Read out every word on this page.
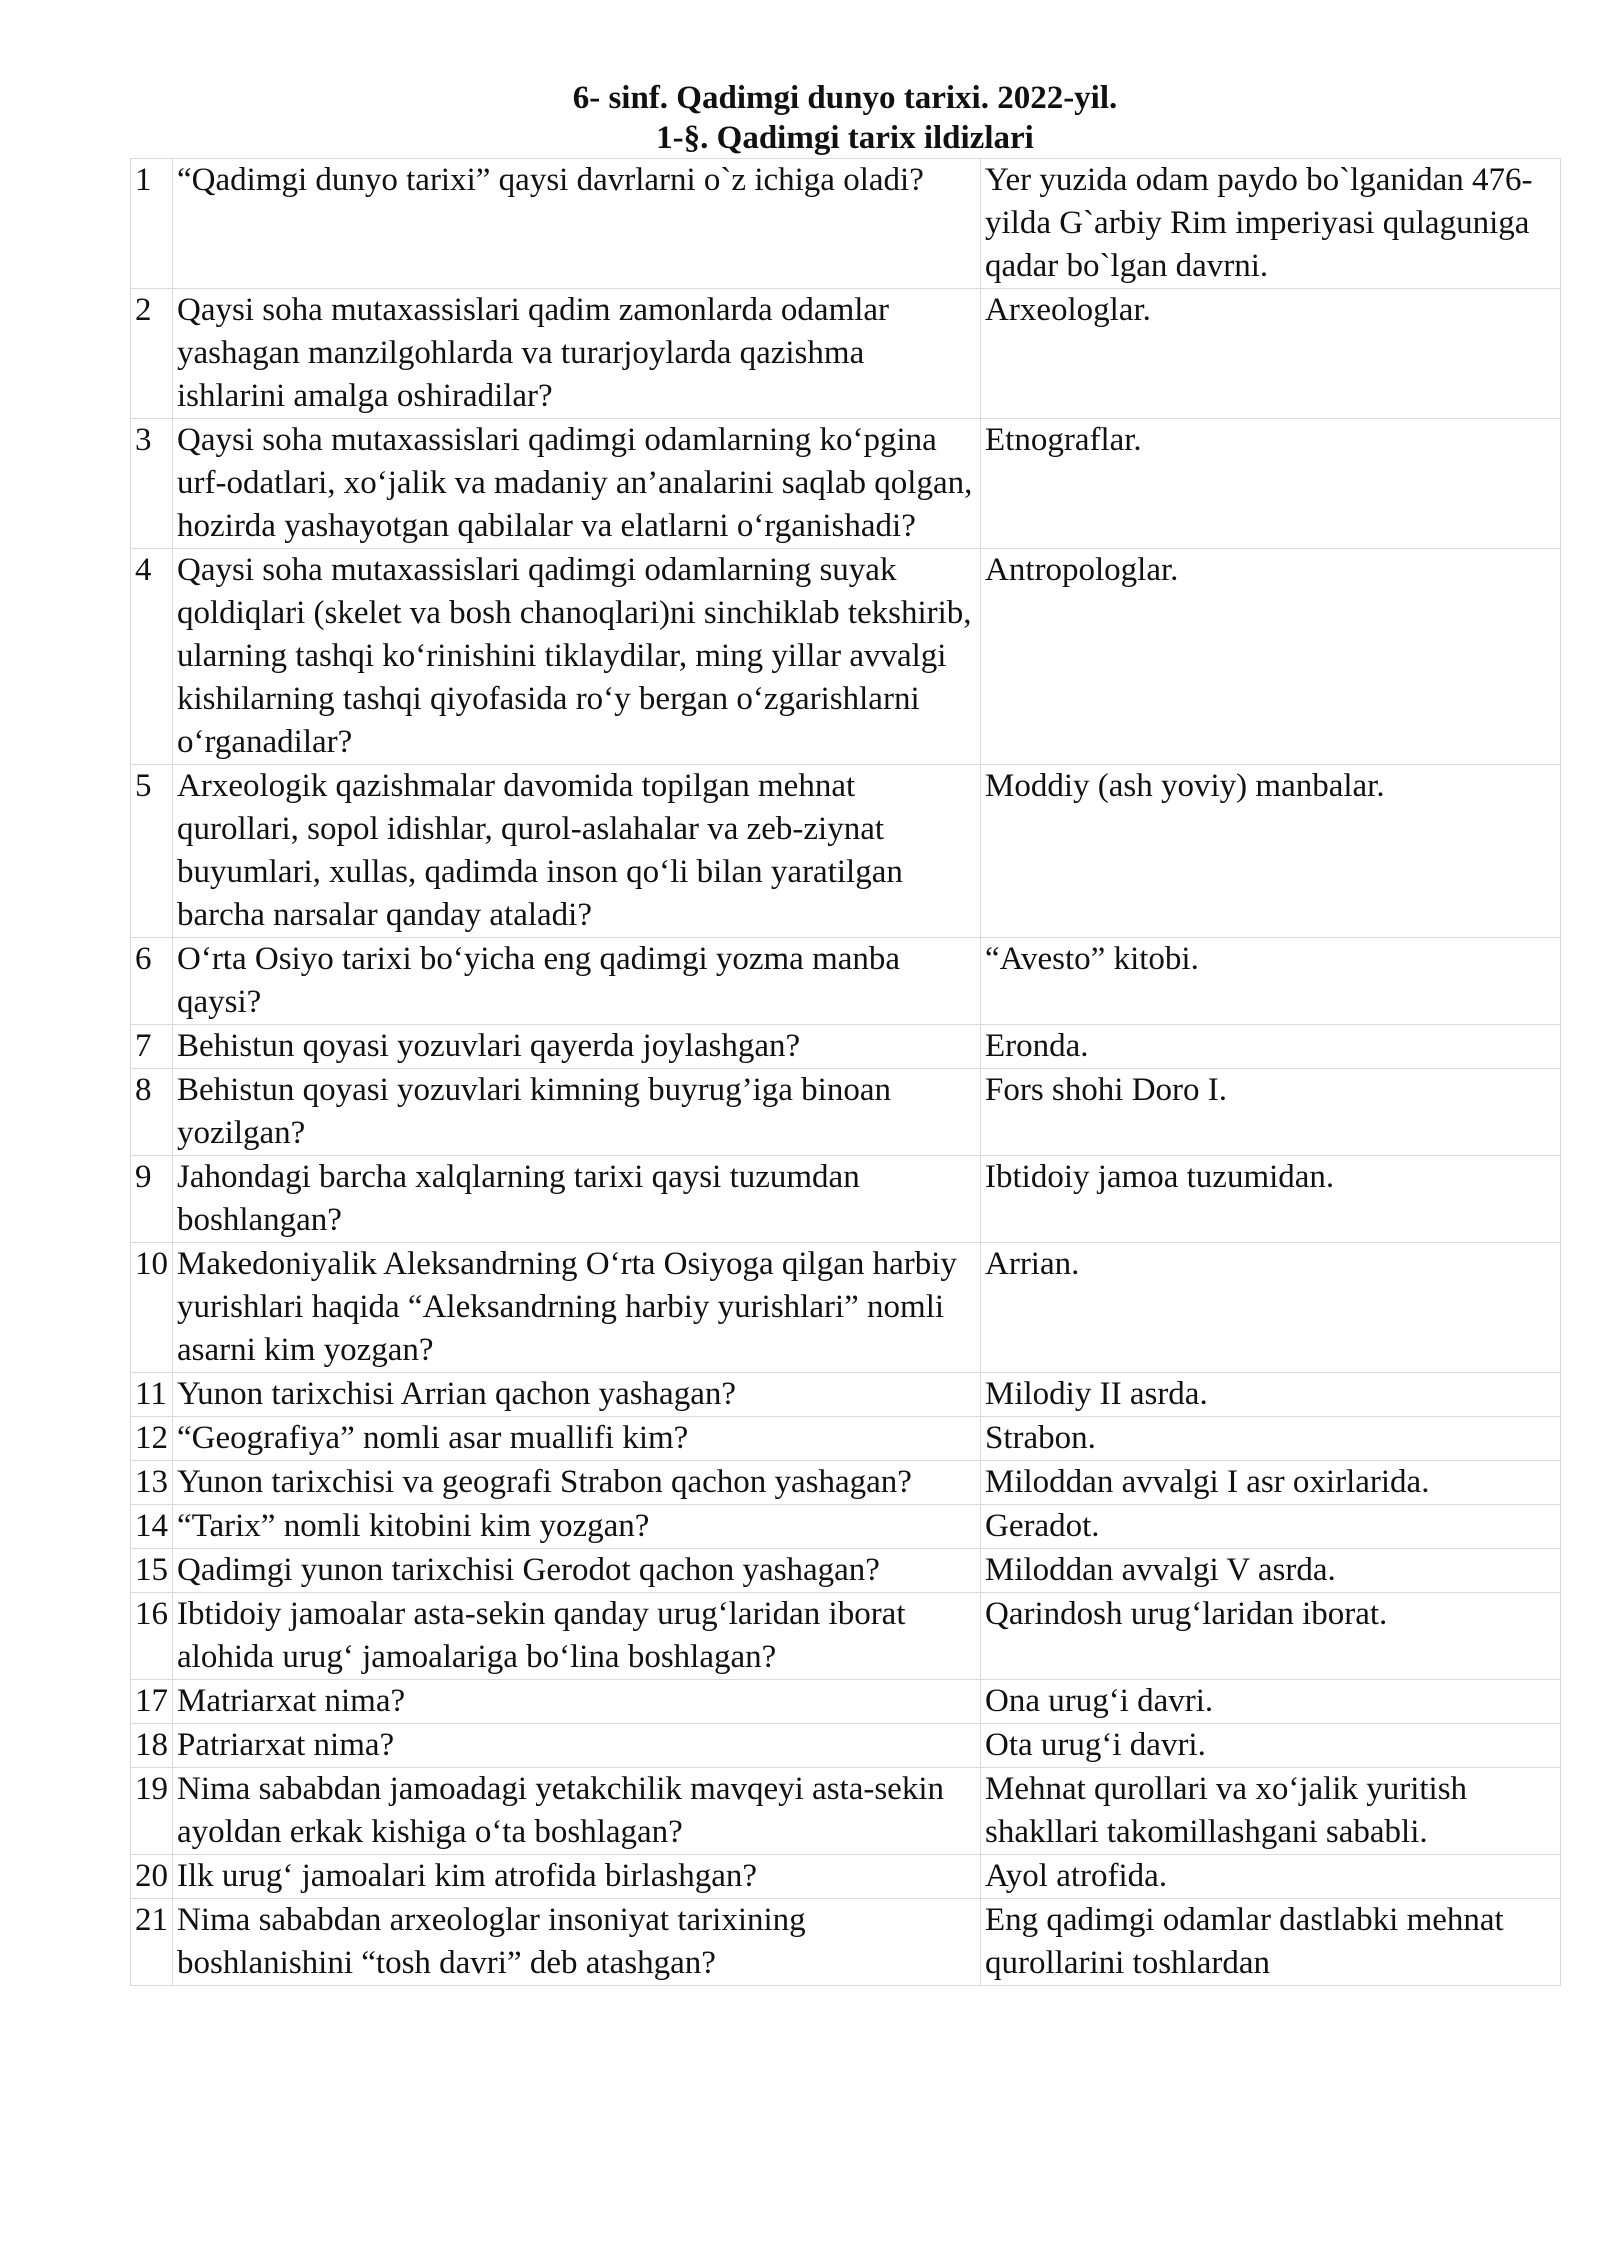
6- sinf. Qadimgi dunyo tarixi. 2022-yil.
1-§. Qadimgi tarix ildizlari
1	“Qadimgi dunyo tarixi” qaysi davrlarni o`z ichiga oladi?	Yer yuzida odam paydo bo`lganidan 476-yilda G`arbiy Rim imperiyasi qulaguniga qadar bo`lgan davrni.
2	Qaysi soha mutaxassislari qadim zamonlarda odamlar yashagan manzilgohlarda va turarjoylarda qazishma ishlarini amalga oshiradilar?	Arxeologlar.
3	Qaysi soha mutaxassislari qadimgi odamlarning ko‘pgina urf-odatlari, xo‘jalik va madaniy an’analarini saqlab qolgan, hozirda yashayotgan qabilalar va elatlarni o‘rganishadi?	Etnograflar.
4	Qaysi soha mutaxassislari qadimgi odamlarning suyak qoldiqlari (skelet va bosh chanoqlari)ni sinchiklab tekshirib, ularning tashqi ko‘rinishini tiklaydilar, ming yillar avvalgi kishilarning tashqi qiyofasida ro‘y bergan o‘zgarishlarni o‘rganadilar?	Antropologlar.
5	Arxeologik qazishmalar davomida topilgan mehnat qurollari, sopol idishlar, qurol-aslahalar va zeb-ziynat buyumlari, xullas, qadimda inson qo‘li bilan yaratilgan barcha narsalar qanday ataladi?	Moddiy (ash yoviy) manbalar.
6	O‘rta Osiyo tarixi bo‘yicha eng qadimgi yozma manba qaysi?	“Avesto” kitobi.
7	Behistun qoyasi yozuvlari qayerda joylashgan?	Eronda.
8	Behistun qoyasi yozuvlari kimning buyrug’iga binoan yozilgan?	Fors shohi Doro I.
9	Jahondagi barcha xalqlarning tarixi qaysi tuzumdan boshlangan?	Ibtidoiy jamoa tuzumidan.
10	Makedoniyalik Aleksandrning O‘rta Osiyoga qilgan harbiy yurishlari haqida “Aleksandrning harbiy yurishlari” nomli asarni kim yozgan?	Arrian.
11	Yunon tarixchisi Arrian qachon yashagan?	Milodiy II asrda.
12	“Geografiya” nomli asar muallifi kim?	Strabon.
13	Yunon tarixchisi va geografi Strabon qachon yashagan?	Miloddan avvalgi I asr oxirlarida.
14	“Tarix” nomli kitobini kim yozgan?	Geradot.
15	Qadimgi yunon tarixchisi Gerodot qachon yashagan?	Miloddan avvalgi V asrda.
16	Ibtidoiy jamoalar asta-sekin qanday urug‘laridan iborat alohida urug‘ jamoalariga bo‘lina boshlagan?	Qarindosh urug‘laridan iborat.
17	Matriarxat nima?	Ona urug‘i davri.
18	Patriarxat nima?	Ota urug‘i davri.
19	Nima sababdan jamoadagi yetakchilik mavqeyi asta-sekin ayoldan erkak kishiga o‘ta boshlagan?	Mehnat qurollari va xo‘jalik yuritish shakllari takomillashgani sababli.
20	Ilk urug‘ jamoalari kim atrofida birlashgan?	Ayol atrofida.
21	Nima sababdan arxeologlar insoniyat tarixining boshlanishini “tosh davri” deb atashgan?	Eng qadimgi odamlar dastlabki mehnat qurollarini toshlardan
